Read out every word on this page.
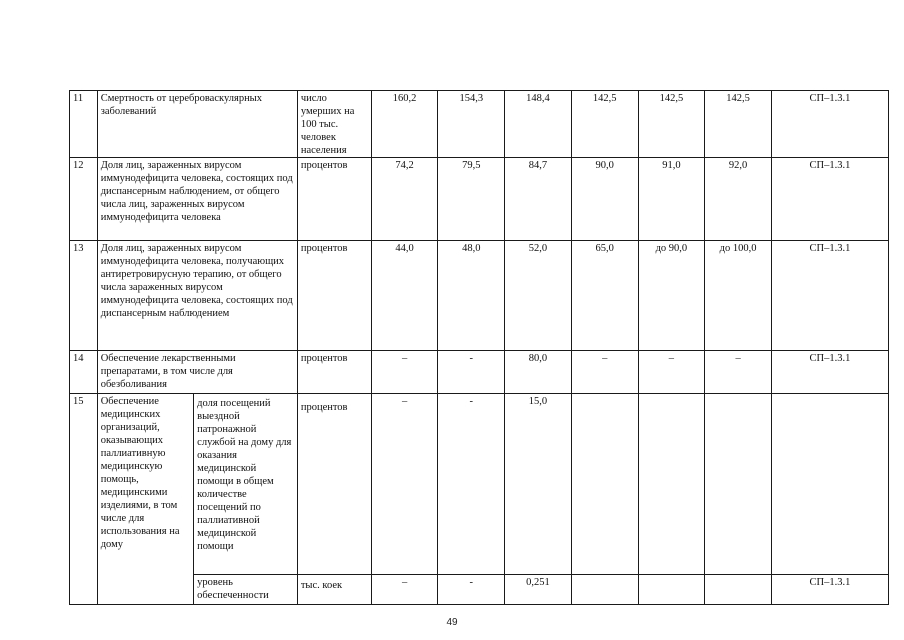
11	Смертность от цереброваскулярных заболеваний		число умерших на 100 тыс. человек населения	160,2	154,3	148,4	142,5	142,5	142,5	СП–1.3.1
12	Доля лиц, зараженных вирусом иммунодефицита человека, состоящих под диспансерным наблюдением, от общего числа лиц, зараженных вирусом иммунодефицита человека		процентов	74,2	79,5	84,7	90,0	91,0	92,0	СП–1.3.1
13	Доля лиц, зараженных вирусом иммунодефицита человека, получающих антиретровирусную терапию, от общего числа зараженных вирусом иммунодефицита человека, состоящих под диспансерным наблюдением		процентов	44,0	48,0	52,0	65,0	до 90,0	до 100,0	СП–1.3.1
14	Обеспечение лекарственными препаратами, в том числе для обезболивания		процентов	–	-	80,0	–	–	–	СП–1.3.1
15	Обеспечение медицинских организаций, оказывающих паллиативную медицинскую помощь, медицинскими изделиями, в том числе для использования на дому	доля посещений выездной патронажной службой на дому для оказания медицинской помощи в общем количестве посещений по паллиативной медицинской помощи	процентов	–	-	15,0				
		уровень обеспеченности	тыс. коек	–	-	0,251				СП–1.3.1
49
